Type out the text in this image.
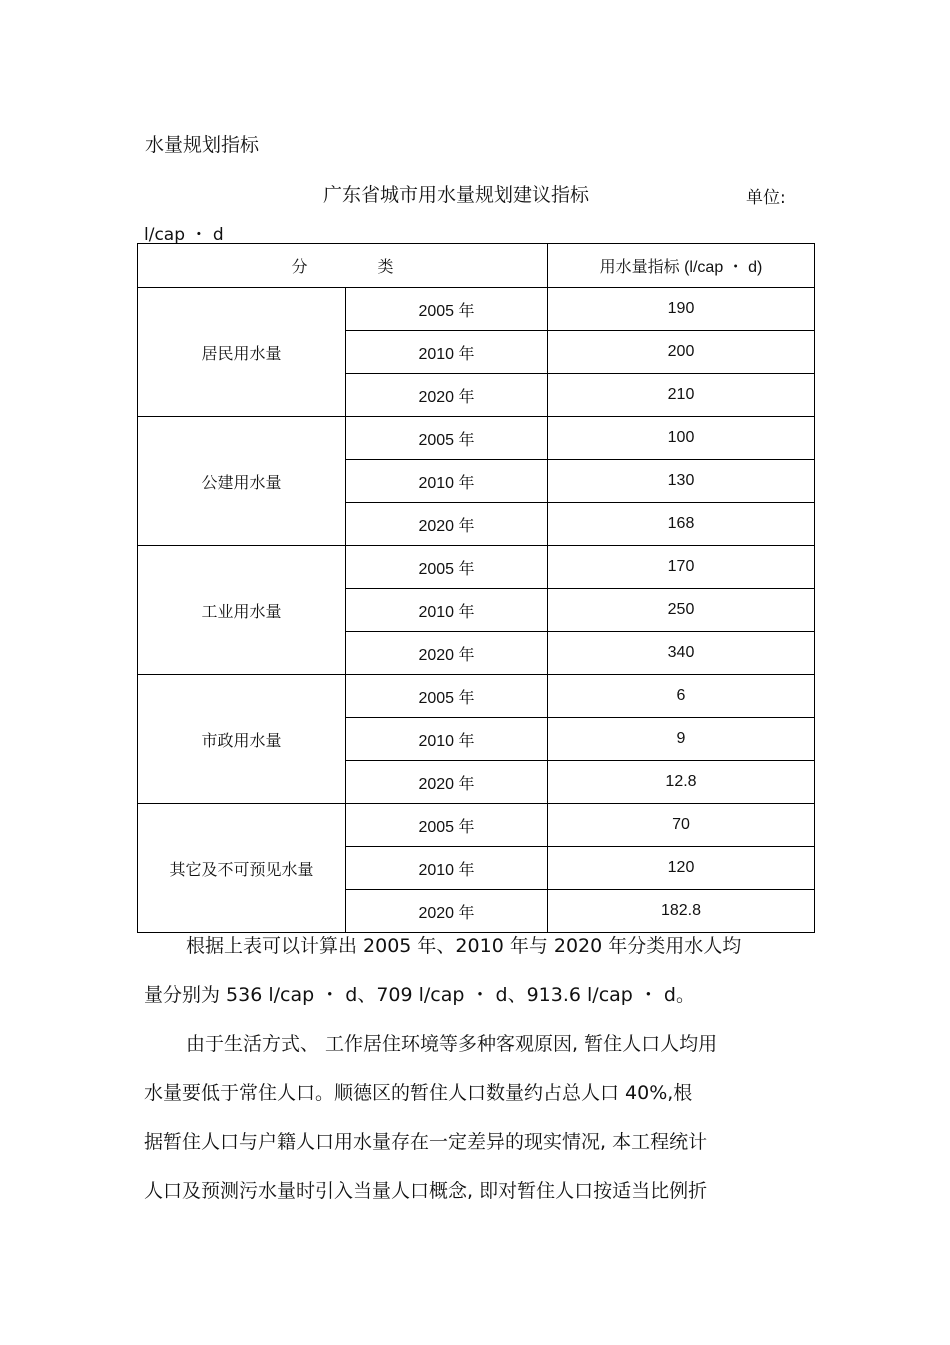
水量规划指标
广东省城市用水量规划建议指标	单位:
l/cap ・ d
分 类		用水量指标 (l/cap ・ d)
居民用水量	2005 年	190
	2010 年	200
	2020 年	210
公建用水量	2005 年	100
	2010 年	130
	2020 年	168
工业用水量	2005 年	170
	2010 年	250
	2020 年	340
市政用水量	2005 年	6
	2010 年	9
	2020 年	12.8
其它及不可预见水量	2005 年	70
	2010 年	120
	2020 年	182.8
根据上表可以计算出 2005 年、2010 年与 2020 年分类用水人均
量分别为 536 l/cap ・ d、709 l/cap ・ d、913.6 l/cap ・ d。
由于生活方式、 工作居住环境等多种客观原因, 暂住人口人均用
水量要低于常住人口。顺德区的暂住人口数量约占总人口 40%,根
据暂住人口与户籍人口用水量存在一定差异的现实情况, 本工程统计
人口及预测污水量时引入当量人口概念, 即对暂住人口按适当比例折
